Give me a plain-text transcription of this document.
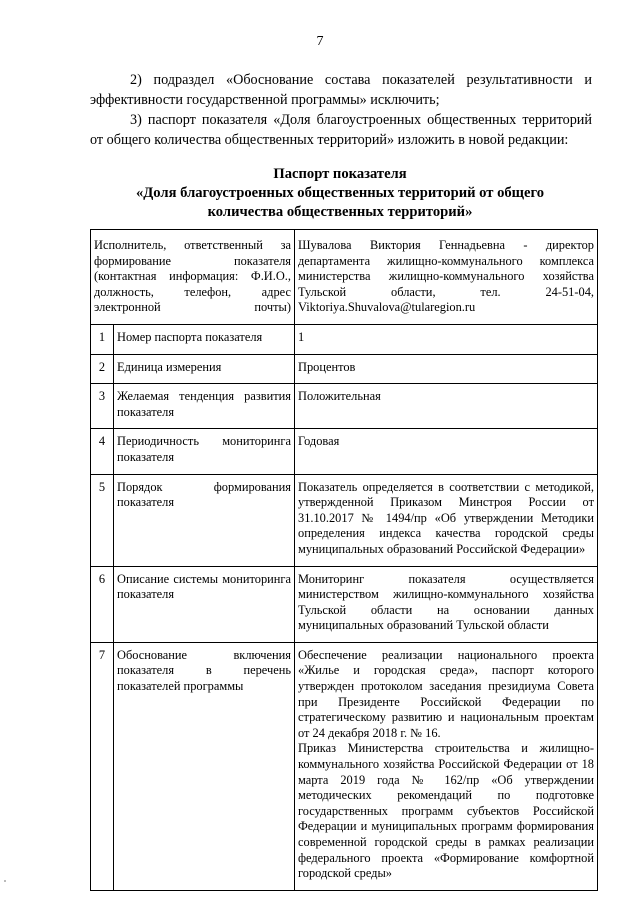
7
2) подраздел «Обоснование состава показателей результативности и эффективности государственной программы» исключить;
3) паспорт показателя «Доля благоустроенных общественных территорий от общего количества общественных территорий» изложить в новой редакции:
Паспорт показателя
«Доля благоустроенных общественных территорий от общего
количества общественных территорий»
Исполнитель, ответственный за формирование показателя (контактная информация: Ф.И.О., должность, телефон, адрес электронной почты)		Шувалова Виктория Геннадьевна - директор департамента жилищно-коммунального комплекса министерства жилищно-коммунального хозяйства Тульской области, тел. 24-51-04, Viktoriya.Shuvalova@tularegion.ru
1	Номер паспорта показателя	1
2	Единица измерения	Процентов
3	Желаемая тенденция развития показателя	Положительная
4	Периодичность мониторинга показателя	Годовая
5	Порядок формирования показателя	Показатель определяется в соответствии с методикой, утвержденной Приказом Минстроя России от 31.10.2017 № 1494/пр «Об утверждении Методики определения индекса качества городской среды муниципальных образований Российской Федерации»
6	Описание системы мониторинга показателя	Мониторинг показателя осуществляется министерством жилищно-коммунального хозяйства Тульской области на основании данных муниципальных образований Тульской области
7	Обоснование включения показателя в перечень показателей программы	Обеспечение реализации национального проекта «Жилье и городская среда», паспорт которого утвержден протоколом заседания президиума Совета при Президенте Российской Федерации по стратегическому развитию и национальным проектам от 24 декабря 2018 г. № 16.
Приказ Министерства строительства и жилищно-коммунального хозяйства Российской Федерации от 18 марта 2019 года № 162/пр «Об утверждении методических рекомендаций по подготовке государственных программ субъектов Российской Федерации и муниципальных программ формирования современной городской среды в рамках реализации федерального проекта «Формирование комфортной городской среды»
